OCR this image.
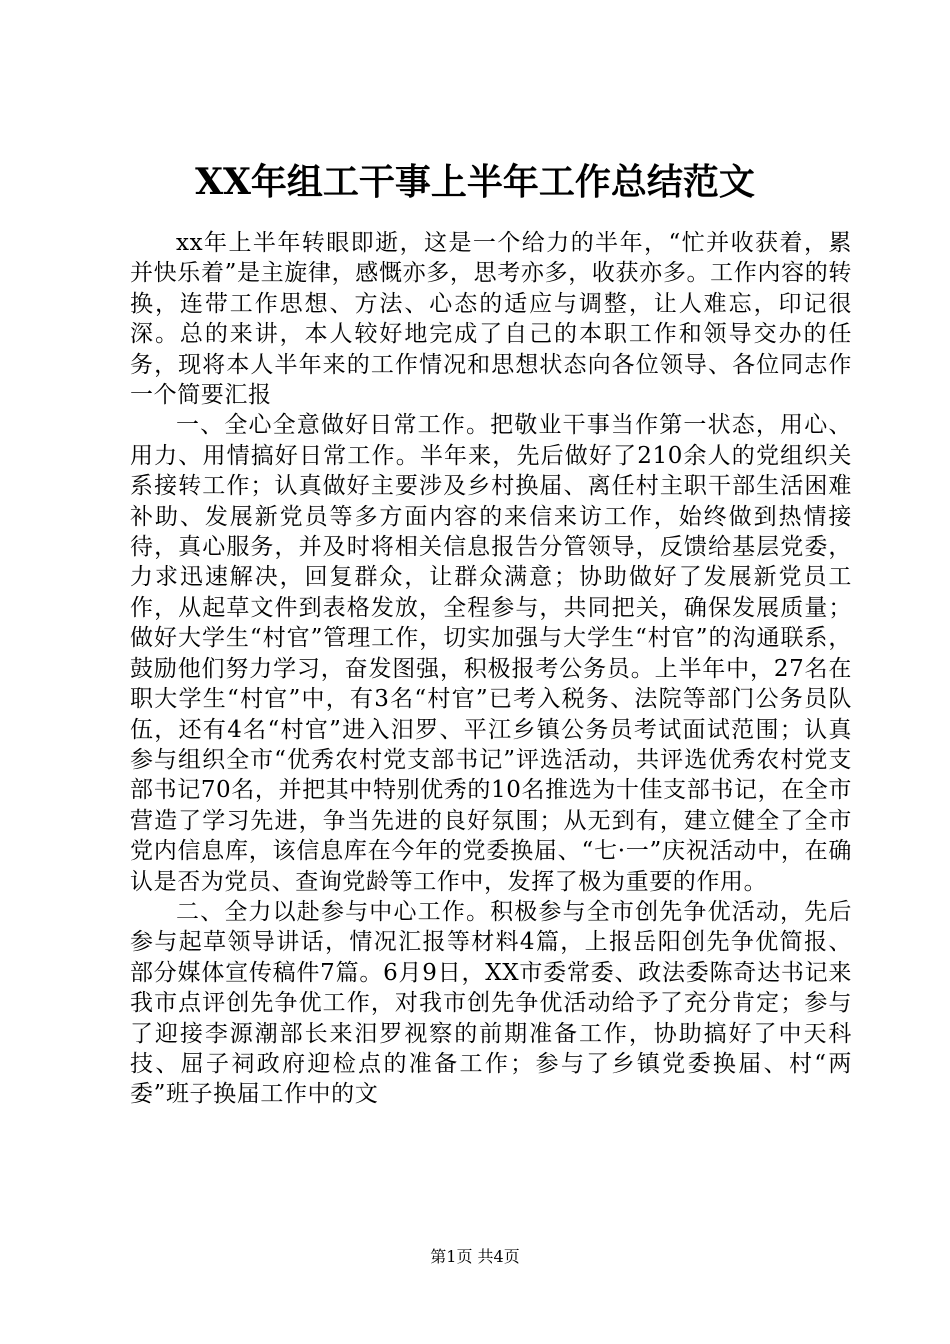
XX年组工干事上半年工作总结范文

xx年上半年转眼即逝，这是一个给力的半年，“忙并收获着，累并快乐着”是主旋律，感慨亦多，思考亦多，收获亦多。工作内容的转换，连带工作思想、方法、心态的适应与调整，让人难忘，印记很深。总的来讲，本人较好地完成了自己的本职工作和领导交办的任务，现将本人半年来的工作情况和思想状态向各位领导、各位同志作一个简要汇报

一、全心全意做好日常工作。把敬业干事当作第一状态，用心、用力、用情搞好日常工作。半年来，先后做好了210余人的党组织关系接转工作；认真做好主要涉及乡村换届、离任村主职干部生活困难补助、发展新党员等多方面内容的来信来访工作，始终做到热情接待，真心服务，并及时将相关信息报告分管领导，反馈给基层党委，力求迅速解决，回复群众，让群众满意；协助做好了发展新党员工作，从起草文件到表格发放，全程参与，共同把关，确保发展质量；做好大学生“村官”管理工作，切实加强与大学生“村官”的沟通联系，鼓励他们努力学习，奋发图强，积极报考公务员。上半年中，27名在职大学生“村官”中，有3名“村官”已考入税务、法院等部门公务员队伍，还有4名“村官”进入汨罗、平江乡镇公务员考试面试范围；认真参与组织全市“优秀农村党支部书记”评选活动，共评选优秀农村党支部书记70名，并把其中特别优秀的10名推选为十佳支部书记，在全市营造了学习先进，争当先进的良好氛围；从无到有，建立健全了全市党内信息库，该信息库在今年的党委换届、“七·一”庆祝活动中，在确认是否为党员、查询党龄等工作中，发挥了极为重要的作用。

二、全力以赴参与中心工作。积极参与全市创先争优活动，先后参与起草领导讲话，情况汇报等材料4篇，上报岳阳创先争优简报、部分媒体宣传稿件7篇。6月9日，XX市委常委、政法委陈奇达书记来我市点评创先争优工作，对我市创先争优活动给予了充分肯定；参与了迎接李源潮部长来汨罗视察的前期准备工作，协助搞好了中天科技、屈子祠政府迎检点的准备工作；参与了乡镇党委换届、村“两委”班子换届工作中的文

第1页 共4页
